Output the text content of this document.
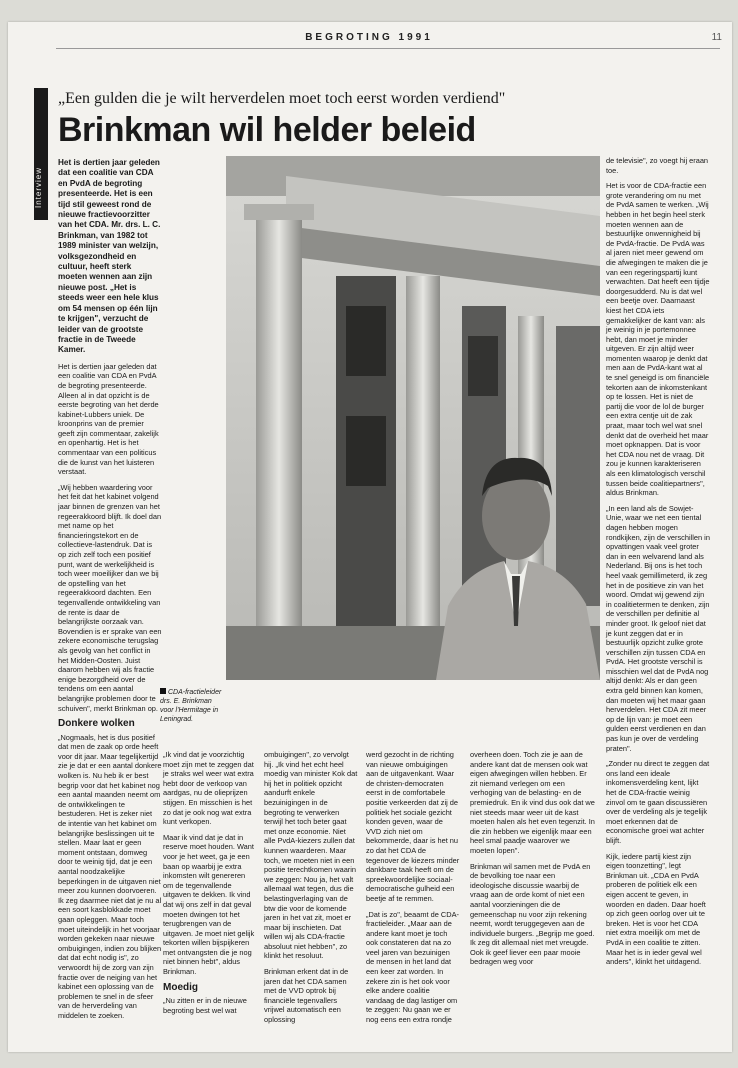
BEGROTING 1991	11
Interview
„Een gulden die je wilt herverdelen moet toch eerst worden verdiend"
Brinkman wil helder beleid

Het is dertien jaar geleden dat een coalitie van CDA en PvdA de begroting presenteerde. Het is een tijd stil geweest rond de nieuwe fractievoorzitter van het CDA. Mr. drs. L. C. Brinkman, van 1982 tot 1989 minister van welzijn, volksgezondheid en cultuur, heeft sterk moeten wennen aan zijn nieuwe post. „Het is steeds weer een hele klus om 54 mensen op één lijn te krijgen", verzucht de leider van de grootste fractie in de Tweede Kamer.

Het is dertien jaar geleden dat een coalitie van CDA en PvdA de begroting presenteerde. Alleen al in dat opzicht is de eerste begroting van het derde kabinet-Lubbers uniek. De kroonprins van de premier geeft zijn commentaar, zakelijk en openhartig. Het is het commentaar van een politicus die de kunst van het luisteren verstaat.

„Wij hebben waardering voor het feit dat het kabinet volgend jaar binnen de grenzen van het regeerakkoord blijft. Ik doel dan met name op het financieringstekort en de collectieve-lastendruk. Dat is op zich zelf toch een positief punt, want de werkelijkheid is toch weer moeilijker dan we bij de opstelling van het regeerakkoord dachten. Een tegenvallende ontwikkeling van de rente is daar de belangrijkste oorzaak van. Bovendien is er sprake van een zekere economische terugslag als gevolg van het conflict in het Midden-Oosten. Juist daarom hebben wij als fractie enige bezorgdheid over de tendens om een aantal belangrijke problemen door te schuiven", merkt Brinkman op.

Donkere wolken

„Nogmaals, het is dus positief dat men de zaak op orde heeft voor dit jaar. Maar tegelijkertijd zie je dat er een aantal donkere wolken is. Nu heb ik er best begrip voor dat het kabinet nog een aantal maanden neemt om de ontwikkelingen te bestuderen. Het is zeker niet de intentie van het kabinet om belangrijke beslissingen uit te stellen. Maar laat er geen moment ontstaan, domweg door te weinig tijd, dat je een aantal noodzakelijke beperkingen in de uitgaven niet meer zou kunnen doorvoeren. Ik zeg daarmee niet dat je nu al een soort kasblokkade moet gaan opleggen. Maar toch moet uiteindelijk in het voorjaar worden gekeken naar nieuwe ombuigingen, indien zou blijken dat dat echt nodig is", zo verwoordt hij de zorg van zijn fractie over de neiging van het kabinet een oplossing van de problemen te snel in de sfeer van de herverdeling van middelen te zoeken.

CDA-fractieleider drs. E. Brinkman voor l'Hermitage in Leningrad.

„Ik vind dat je voorzichtig moet zijn met te zeggen dat je straks wel weer wat extra hebt door de verkoop van aardgas, nu de olieprijzen stijgen. En misschien is het zo dat je ook nog wat extra kunt verkopen.

Maar ik vind dat je dat in reserve moet houden. Want voor je het weet, ga je een baan op waarbij je extra inkomsten wilt genereren om de tegenvallende uitgaven te dekken. Ik vind dat wij ons zelf in dat geval moeten dwingen tot het terugbrengen van de uitgaven. Je moet niet gelijk tekorten willen bijspijkeren met ontvangsten die je nog niet binnen hebt", aldus Brinkman.

Moedig

„Nu zitten er in de nieuwe begroting best wel wat

ombuigingen", zo vervolgt hij. „Ik vind het echt heel moedig van minister Kok dat hij het in politiek opzicht aandurft enkele bezuinigingen in de begroting te verwerken terwijl het toch beter gaat met onze economie. Niet alle PvdA-kiezers zullen dat kunnen waarderen. Maar toch, we moeten niet in een positie terechtkomen waarin we zeggen: Nou ja, het valt allemaal wat tegen, dus die belastingverlaging van de btw die voor de komende jaren in het vat zit, moet er maar bij inschieten. Dat willen wij als CDA-fractie absoluut niet hebben", zo klinkt het resoluut.

Brinkman erkent dat in de jaren dat het CDA samen met de VVD optrok bij financiële tegenvallers vrijwel automatisch een oplossing

werd gezocht in de richting van nieuwe ombuigingen aan de uitgavenkant. Waar de christen-democraten eerst in de comfortabele positie verkeerden dat zij de politiek het sociale gezicht konden geven, waar de VVD zich niet om bekommerde, daar is het nu zo dat het CDA de tegenover de kiezers minder dankbare taak heeft om de spreekwoordelijke sociaal-democratische gulheid een beetje af te remmen.

„Dat is zo", beaamt de CDA-fractieleider. „Maar aan de andere kant moet je toch ook constateren dat na zo veel jaren van bezuinigen de mensen in het land dat een keer zat worden. In zekere zin is het ook voor elke andere coalitie vandaag de dag lastiger om te zeggen: Nu gaan we er nog eens een extra rondje

overheen doen. Toch zie je aan de andere kant dat de mensen ook wat eigen afwegingen willen hebben. Er zit niemand verlegen om een verhoging van de belasting- en de premiedruk. En ik vind dus ook dat we niet steeds maar weer uit de kast moeten halen als het even tegenzit. In die zin hebben we eigenlijk maar een heel smal paadje waarover we moeten lopen".

Brinkman wil samen met de PvdA en de bevolking toe naar een ideologische discussie waarbij de vraag aan de orde komt of niet een aantal voorzieningen die de gemeenschap nu voor zijn rekening neemt, wordt teruggegeven aan de individuele burgers. „Begrijp me goed. Ik zeg dit allemaal niet met vreugde. Ook ik geef liever een paar mooie bedragen weg voor

de televisie", zo voegt hij eraan toe.

Het is voor de CDA-fractie een grote verandering om nu met de PvdA samen te werken. „Wij hebben in het begin heel sterk moeten wennen aan de bestuurlijke onwennigheid bij de PvdA-fractie. De PvdA was al jaren niet meer gewend om die afwegingen te maken die je van een regeringspartij kunt verwachten. Dat heeft een tijdje doorgesudderd. Nu is dat wel een beetje over. Daarnaast kiest het CDA iets gemakkelijker de kant van: als je weinig in je portemonnee hebt, dan moet je minder uitgeven. Er zijn altijd weer momenten waarop je denkt dat men aan de PvdA-kant wat al te snel geneigd is om financiële tekorten aan de inkomstenkant op te lossen. Het is niet de partij die voor de lol de burger een extra centje uit de zak praat, maar toch wel wat snel denkt dat de overheid het maar moet opknappen. Dat is voor het CDA nou net de vraag. Dit zou je kunnen karakteriseren als een klimatologisch verschil tussen beide coalitiepartners", aldus Brinkman.

„In een land als de Sowjet-Unie, waar we net een tiental dagen hebben mogen rondkijken, zijn de verschillen in opvattingen vaak veel groter dan in een welvarend land als Nederland. Bij ons is het toch heel vaak gemillimeterd, ik zeg het in de positieve zin van het woord. Omdat wij gewend zijn in coalitietermen te denken, zijn de verschillen per definitie al minder groot. Ik geloof niet dat je kunt zeggen dat er in bestuurlijk opzicht zulke grote verschillen zijn tussen CDA en PvdA. Het grootste verschil is misschien wel dat de PvdA nog altijd denkt: Als er dan geen extra geld binnen kan komen, dan moeten wij het maar gaan herverdelen. Het CDA zit meer op de lijn van: je moet een gulden eerst verdienen en dan pas kun je over de verdeling praten".

„Zonder nu direct te zeggen dat ons land een ideale inkomensverdeling kent, lijkt het de CDA-fractie weinig zinvol om te gaan discussiëren over de verdeling als je tegelijk moet erkennen dat de economische groei wat achter blijft.

Kijk, iedere partij kiest zijn eigen toonzetting", legt Brinkman uit. „CDA en PvdA proberen de politiek elk een eigen accent te geven, in woorden en daden. Daar hoeft op zich geen oorlog over uit te breken. Het is voor het CDA niet extra moeilijk om met de PvdA in een coalitie te zitten. Maar het is in ieder geval wel anders", klinkt het uitdagend.
